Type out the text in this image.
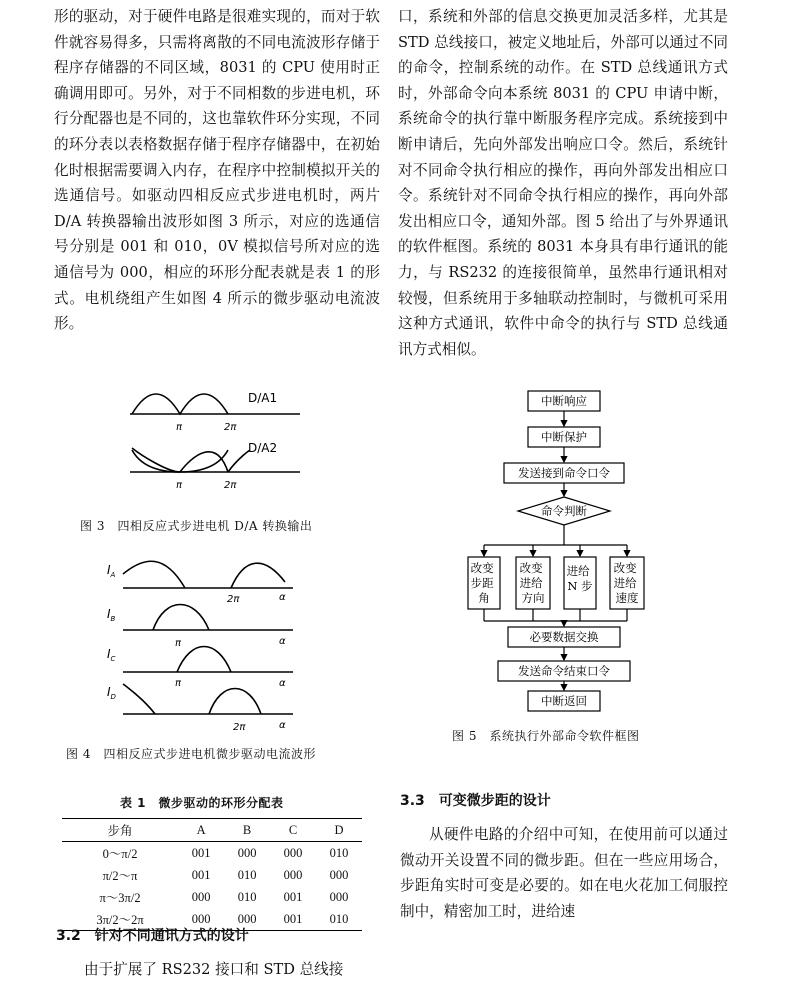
形的驱动，对于硬件电路是很难实现的，而对于软件就容易得多，只需将离散的不同电流波形存储于程序存储器的不同区域，8031 的 CPU 使用时正确调用即可。另外，对于不同相数的步进电机，环行分配器也是不同的，这也靠软件环分实现，不同的环分表以表格数据存储于程序存储器中，在初始化时根据需要调入内存，在程序中控制模拟开关的选通信号。如驱动四相反应式步进电机时，两片 D/A 转换器输出波形如图 3 所示，对应的选通信号分别是 001 和 010，0V 模拟信号所对应的选通信号为 000，相应的环形分配表就是表 1 的形式。电机绕组产生如图 4 所示的微步驱动电流波形。

口，系统和外部的信息交换更加灵活多样，尤其是 STD 总线接口，被定义地址后，外部可以通过不同的命令，控制系统的动作。在 STD 总线通讯方式时，外部命令向本系统 8031 的 CPU 申请中断，系统命令的执行靠中断服务程序完成。系统接到中断申请后，先向外部发出响应口令。然后，系统针对不同命令执行相应的操作，再向外部发出相应口令。系统针对不同命令执行相应的操作，再向外部发出相应口令，通知外部。图 5 给出了与外界通讯的软件框图。系统的 8031 本身具有串行通讯的能力，与 RS232 的连接很简单，虽然串行通讯相对较慢，但系统用于多轴联动控制时，与微机可采用这种方式通讯，软件中命令的执行与 STD 总线通讯方式相似。

D/A1
D/A2
π	2π
π	2π
图 3　四相反应式步进电机 D/A 转换输出
$I_A$
$I_B$
$I_C$
$I_D$
2π	α
π	α
π	α
2π	α
图 4　四相反应式步进电机微步驱动电流波形
表 1　微步驱动的环形分配表
步角	A	B	C	D
0～π/2	001	000	000	010
π/2～π	001	010	000	000
π～3π/2	000	010	001	000
3π/2～2π	000	000	001	010
3.2　针对不同通讯方式的设计

由于扩展了 RS232 接口和 STD 总线接

中断响应
中断保护
发送接到命令口令
命令判断
改变 步距 角
改变 进给 方向
进给 N 步
改变 进给 速度
必要数据交换
发送命令结束口令
中断返回
图 5　系统执行外部命令软件框图
3.3　可变微步距的设计

从硬件电路的介绍中可知，在使用前可以通过微动开关设置不同的微步距。但在一些应用场合，步距角实时可变是必要的。如在电火花加工伺服控制中，精密加工时，进给速
